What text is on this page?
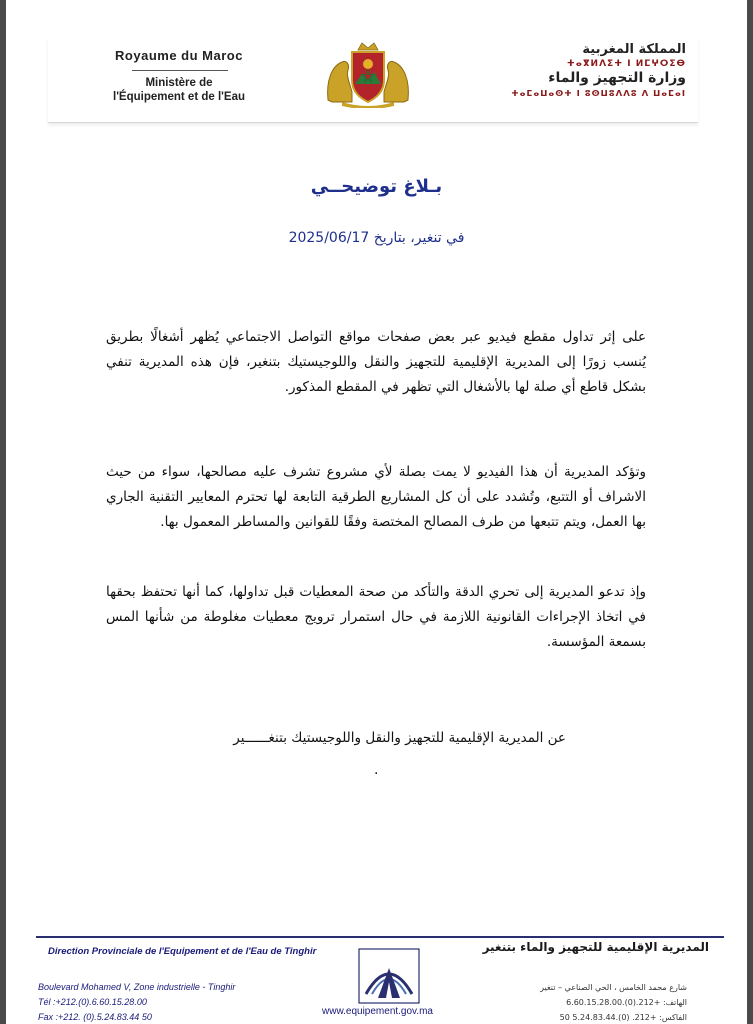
Royaume du Maroc
Ministère de
l'Équipement et de l'Eau
المملكة المغربية
ⵜⴰⴳⵍⴷⵉⵜ ⵏ ⵍⵎⵖⵔⵉⴱ
وزارة التجهيز والماء
ⵜⴰⵎⴰⵡⴰⵙⵜ ⵏ ⵓⵙⵡⵓⴷⴷⵓ ⴷ ⵡⴰⵎⴰⵏ
بـلاغ توضيحــي
في تنغير، بتاريخ 2025/06/17
على إثر تداول مقطع فيديو عبر بعض صفحات مواقع التواصل الاجتماعي يُظهر أشغالًا بطريق يُنسب زورًا إلى المديرية الإقليمية للتجهيز والنقل واللوجيستيك بتنغير، فإن هذه المديرية تنفي بشكل قاطع أي صلة لها بالأشغال التي تظهر في المقطع المذكور.
وتؤكد المديرية أن هذا الفيديو لا يمت بصلة لأي مشروع تشرف عليه مصالحها، سواء من حيث الاشراف أو التتبع، وتُشدد على أن كل المشاريع الطرقية التابعة لها تحترم المعايير التقنية الجاري بها العمل، ويتم تتبعها من طرف المصالح المختصة وفقًا للقوانين والمساطر المعمول بها.
وإذ تدعو المديرية إلى تحري الدقة والتأكد من صحة المعطيات قبل تداولها، كما أنها تحتفظ بحقها في اتخاذ الإجراءات القانونية اللازمة في حال استمرار ترويج معطيات مغلوطة من شأنها المس بسمعة المؤسسة.
عن المديرية الإقليمية للتجهيز والنقل واللوجيستيك بتنغــــــير
.
Direction Provinciale de l'Equipement et de l'Eau de Tinghir	المديرية الإقليمية للتجهيز والماء بتنغير
Boulevard Mohamed V, Zone industrielle - Tinghir
Tél :+212.(0).6.60.15.28.00
Fax :+212. (0).5.24.83.44 50	www.equipement.gov.ma
شارع محمد الخامس ، الحي الصناعي – تنغير
الهاتف: +212.(0).6.60.15.28.00
الفاكس: +212. (0).5.24.83.44 50
